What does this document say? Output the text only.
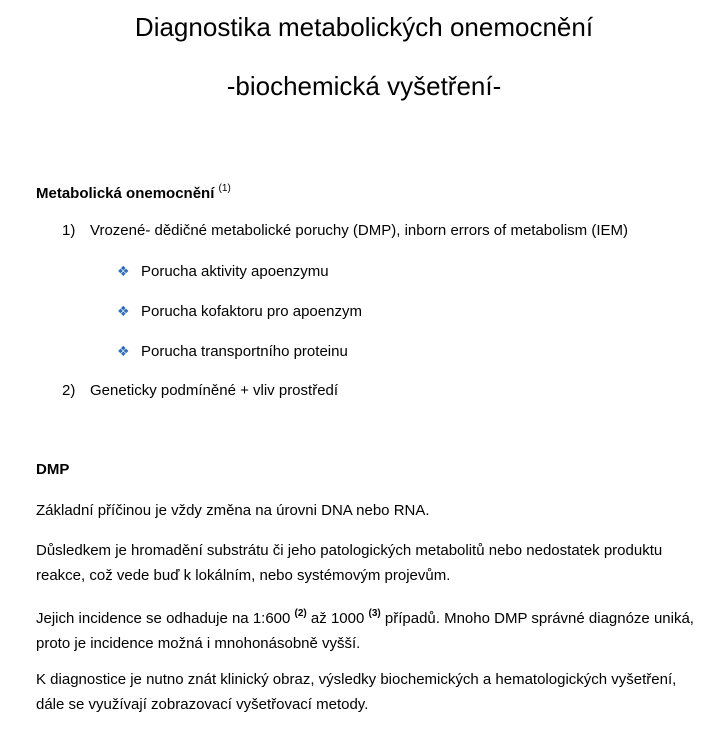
Diagnostika metabolických onemocnění
-biochemická vyšetření-
Metabolická onemocnění $^{(1)}$
1) Vrozené- dědičné metabolické poruchy (DMP), inborn errors of metabolism (IEM)
❖ Porucha aktivity apoenzymu
❖ Porucha kofaktoru pro apoenzym
❖ Porucha transportního proteinu
2) Geneticky podmíněné + vliv prostředí
DMP
Základní příčinou je vždy změna na úrovni DNA nebo RNA.
Důsledkem je hromadění substrátu či jeho patologických metabolitů nebo nedostatek produktu reakce, což vede buď k lokálním, nebo systémovým projevům.
Jejich incidence se odhaduje na 1:600 $^{(2)}$ až 1000 $^{(3)}$ případů. Mnoho DMP správné diagnóze uniká, proto je incidence možná i mnohonásobně vyšší.
K diagnostice je nutno znát klinický obraz, výsledky biochemických a hematologických vyšetření, dále se využívají zobrazovací vyšetřovací metody.
